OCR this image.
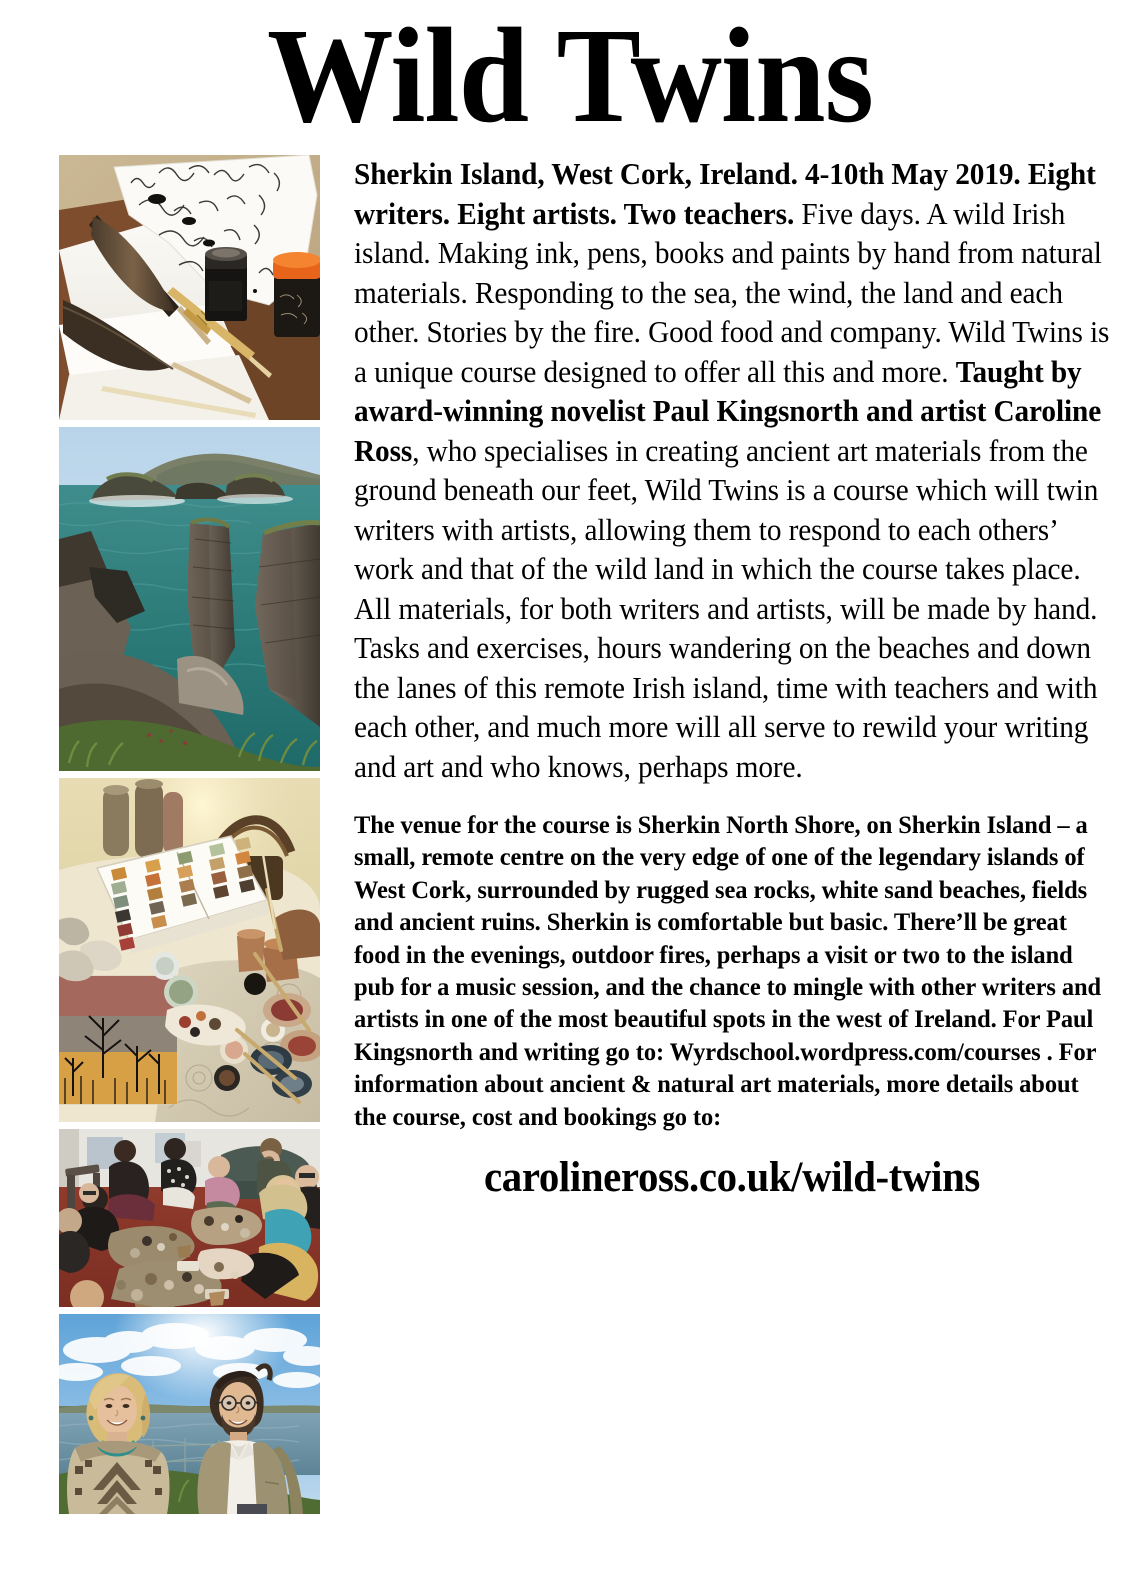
Wild Twins

Sherkin Island, West Cork, Ireland. 4-10th May 2019. Eight writers. Eight artists. Two teachers. Five days. A wild Irish island. Making ink, pens, books and paints by hand from natural materials. Responding to the sea, the wind, the land and each other. Stories by the fire. Good food and company. Wild Twins is a unique course designed to offer all this and more. Taught by award-winning novelist Paul Kingsnorth and artist Caroline Ross, who specialises in creating ancient art materials from the ground beneath our feet, Wild Twins is a course which will twin writers with artists, allowing them to respond to each others’ work and that of the wild land in which the course takes place. All materials, for both writers and artists, will be made by hand. Tasks and exercises, hours wandering on the beaches and down the lanes of this remote Irish island, time with teachers and with each other, and much more will all serve to rewild your writing and art and who knows, perhaps more.

The venue for the course is Sherkin North Shore, on Sherkin Island – a small, remote centre on the very edge of one of the legendary islands of West Cork, surrounded by rugged sea rocks, white sand beaches, fields and ancient ruins. Sherkin is comfortable but basic. There’ll be great food in the evenings, outdoor fires, perhaps a visit or two to the island pub for a music session, and the chance to mingle with other writers and artists in one of the most beautiful spots in the west of Ireland. For Paul Kingsnorth and writing go to: Wyrdschool.wordpress.com/courses . For information about ancient & natural art materials, more details about the course, cost and bookings go to:

carolineross.co.uk/wild-twins
